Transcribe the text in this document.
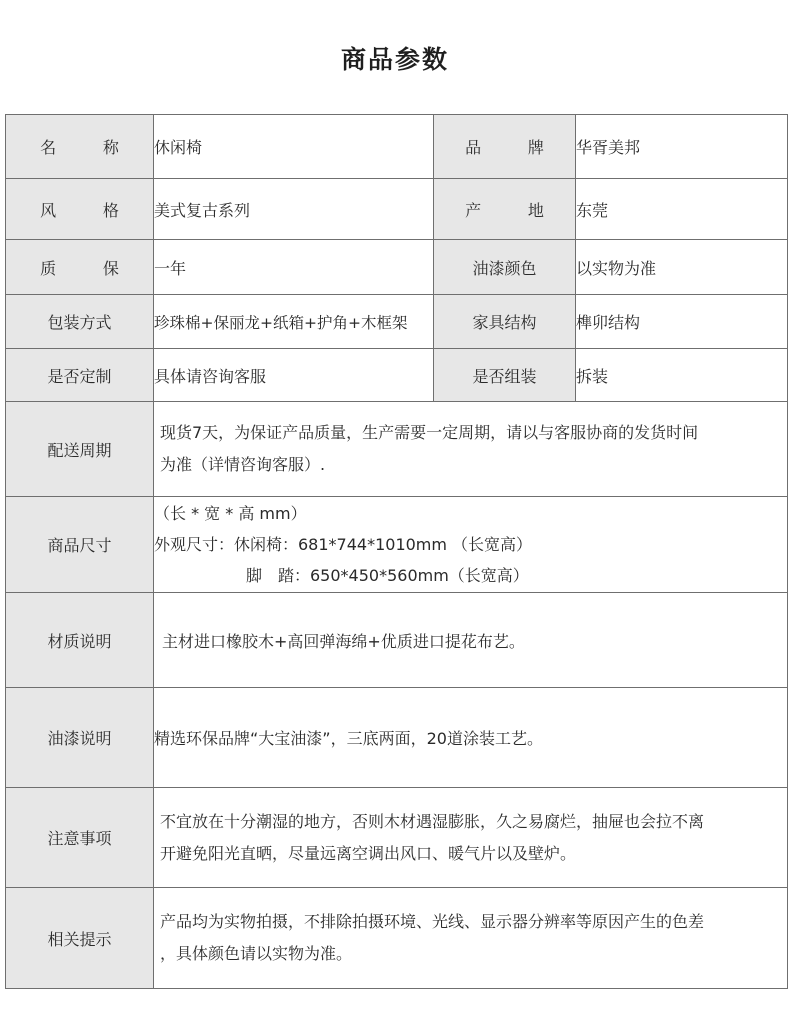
商品参数
名 称	休闲椅	品 牌	华胥美邦
风 格	美式复古系列	产 地	东莞
质 保	一年	油漆颜色	以实物为准
包装方式	珍珠棉+保丽龙+纸箱+护角+木框架	家具结构	榫卯结构
是否定制	具体请咨询客服	是否组装	拆装
配送周期	现货7天，为保证产品质量，生产需要一定周期，请以与客服协商的发货时间
为准（详情咨询客服）.		

商品尺寸	（长 * 宽 * 高 mm）
外观尺寸：休闲椅：681*744*1010mm （长宽高）
脚　踏：650*450*560mm（长宽高）		

材质说明	主材进口橡胶木+高回弹海绵+优质进口提花布艺。		
油漆说明	精选环保品牌“大宝油漆”，三底两面，20道涂装工艺。		
注意事项	不宜放在十分潮湿的地方，否则木材遇湿膨胀，久之易腐烂，抽屉也会拉不离
开避免阳光直晒，尽量远离空调出风口、暖气片以及壁炉。		

相关提示	产品均为实物拍摄，不排除拍摄环境、光线、显示器分辨率等原因产生的色差
，具体颜色请以实物为准。		
